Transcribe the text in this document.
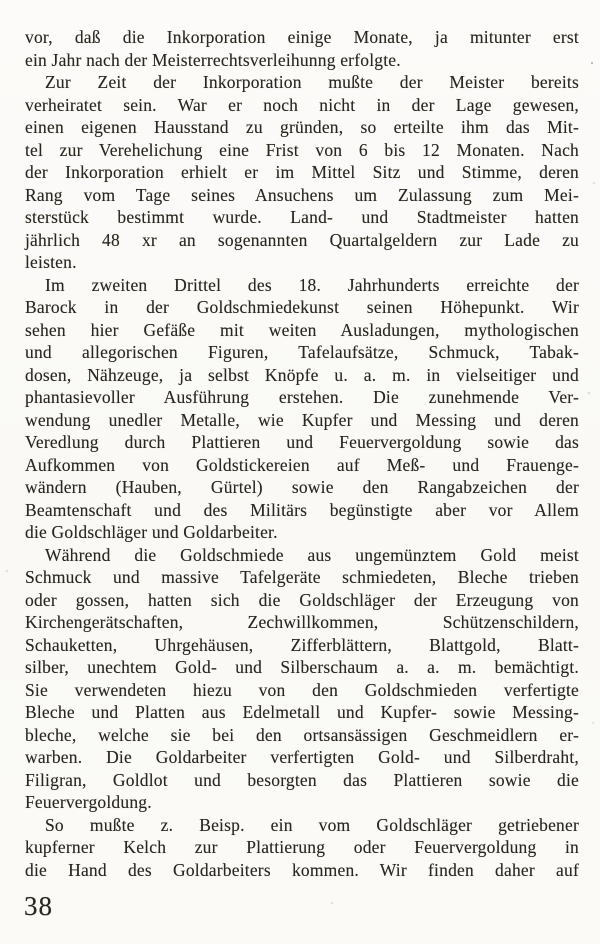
vor, daß die Inkorporation einige Monate, ja mitunter erst
ein Jahr nach der Meisterrechtsverleihunng erfolgte.
Zur Zeit der Inkorporation mußte der Meister bereits
verheiratet sein. War er noch nicht in der Lage gewesen,
einen eigenen Hausstand zu gründen, so erteilte ihm das Mit-
tel zur Verehelichung eine Frist von 6 bis 12 Monaten. Nach
der Inkorporation erhielt er im Mittel Sitz und Stimme, deren
Rang vom Tage seines Ansuchens um Zulassung zum Mei-
sterstück bestimmt wurde. Land- und Stadtmeister hatten
jährlich 48 xr an sogenannten Quartalgeldern zur Lade zu
leisten.
Im zweiten Drittel des 18. Jahrhunderts erreichte der
Barock in der Goldschmiedekunst seinen Höhepunkt. Wir
sehen hier Gefäße mit weiten Ausladungen, mythologischen
und allegorischen Figuren, Tafelaufsätze, Schmuck, Tabak-
dosen, Nähzeuge, ja selbst Knöpfe u. a. m. in vielseitiger und
phantasievoller Ausführung erstehen. Die zunehmende Ver-
wendung unedler Metalle, wie Kupfer und Messing und deren
Veredlung durch Plattieren und Feuervergoldung sowie das
Aufkommen von Goldstickereien auf Meß- und Frauenge-
wändern (Hauben, Gürtel) sowie den Rangabzeichen der
Beamtenschaft und des Militärs begünstigte aber vor Allem
die Goldschläger und Goldarbeiter.
Während die Goldschmiede aus ungemünztem Gold meist
Schmuck und massive Tafelgeräte schmiedeten, Bleche trieben
oder gossen, hatten sich die Goldschläger der Erzeugung von
Kirchengerätschaften, Zechwillkommen, Schützenschildern,
Schauketten, Uhrgehäusen, Zifferblättern, Blattgold, Blatt-
silber, unechtem Gold- und Silberschaum a. a. m. bemächtigt.
Sie verwendeten hiezu von den Goldschmieden verfertigte
Bleche und Platten aus Edelmetall und Kupfer- sowie Messing-
bleche, welche sie bei den ortsansässigen Geschmeidlern er-
warben. Die Goldarbeiter verfertigten Gold- und Silberdraht,
Filigran, Goldlot und besorgten das Plattieren sowie die
Feuervergoldung.
So mußte z. Beisp. ein vom Goldschläger getriebener
kupferner Kelch zur Plattierung oder Feuervergoldung in
die Hand des Goldarbeiters kommen. Wir finden daher auf
38
